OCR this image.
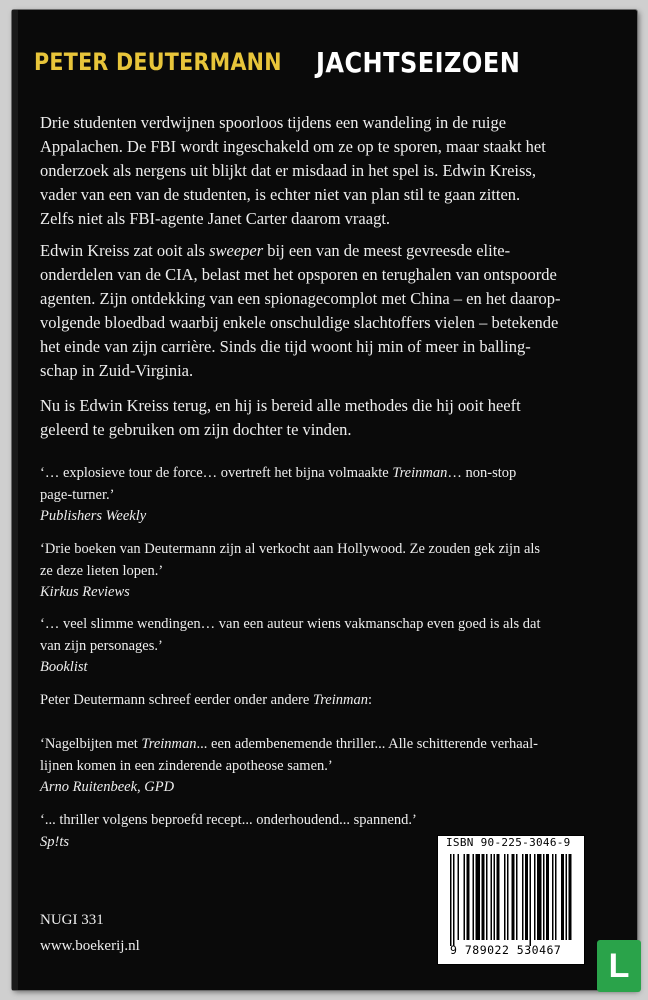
PETER DEUTERMANN JACHTSEIZOEN

Drie studenten verdwijnen spoorloos tijdens een wandeling in de ruige

Appalachen. De FBI wordt ingeschakeld om ze op te sporen, maar staakt het

onderzoek als nergens uit blijkt dat er misdaad in het spel is. Edwin Kreiss,

vader van een van de studenten, is echter niet van plan stil te gaan zitten.

Zelfs niet als FBI-agente Janet Carter daarom vraagt.

Edwin Kreiss zat ooit als sweeper bij een van de meest gevreesde elite-

onderdelen van de CIA, belast met het opsporen en terughalen van ontspoorde

agenten. Zijn ontdekking van een spionagecomplot met China – en het daarop-

volgende bloedbad waarbij enkele onschuldige slachtoffers vielen – betekende

het einde van zijn carrière. Sinds die tijd woont hij min of meer in balling-

schap in Zuid-Virginia.

Nu is Edwin Kreiss terug, en hij is bereid alle methodes die hij ooit heeft

geleerd te gebruiken om zijn dochter te vinden.

‘… explosieve tour de force… overtreft het bijna volmaakte Treinman… non-stop

page-turner.’

Publishers Weekly

‘Drie boeken van Deutermann zijn al verkocht aan Hollywood. Ze zouden gek zijn als

ze deze lieten lopen.’

Kirkus Reviews

‘… veel slimme wendingen… van een auteur wiens vakmanschap even goed is als dat

van zijn personages.’

Booklist

Peter Deutermann schreef eerder onder andere Treinman:

‘Nagelbijten met Treinman... een adembenemende thriller... Alle schitterende verhaal-

lijnen komen in een zinderende apotheose samen.’

Arno Ruitenbeek, GPD

‘... thriller volgens beproefd recept... onderhoudend... spannend.’

Sp!ts

NUGI 331
www.boekerij.nl
ISBN 90-225-3046-9
9 789022 530467	L
